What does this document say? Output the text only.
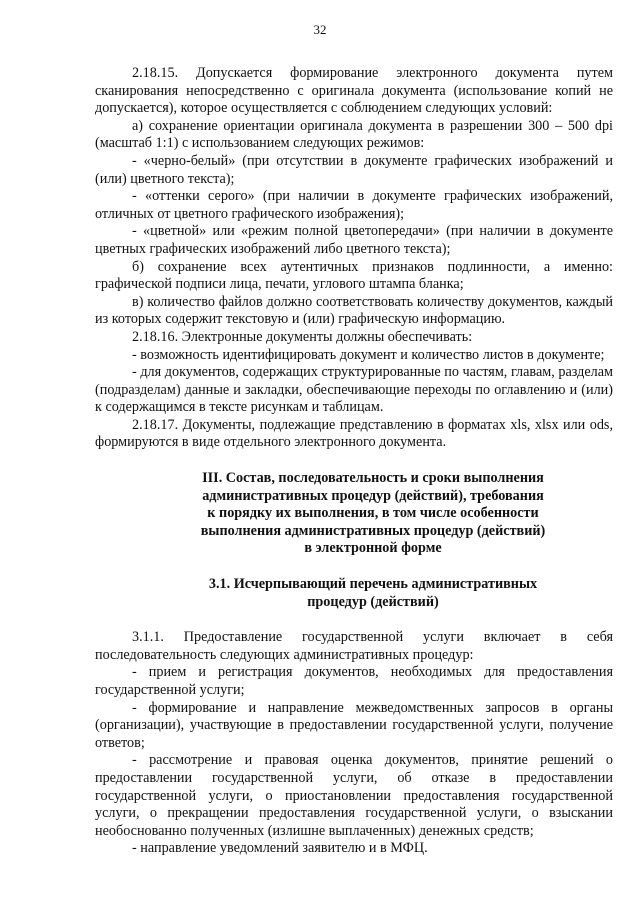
32

2.18.15. Допускается формирование электронного документа путем сканирования непосредственно с оригинала документа (использование копий не допускается), которое осуществляется с соблюдением следующих условий:

а) сохранение ориентации оригинала документа в разрешении 300 – 500 dpi (масштаб 1:1) с использованием следующих режимов:

- «черно-белый» (при отсутствии в документе графических изображений и (или) цветного текста);

- «оттенки серого» (при наличии в документе графических изображений, отличных от цветного графического изображения);

- «цветной» или «режим полной цветопередачи» (при наличии в документе цветных графических изображений либо цветного текста);

б) сохранение всех аутентичных признаков подлинности, а именно: графической подписи лица, печати, углового штампа бланка;

в) количество файлов должно соответствовать количеству документов, каждый из которых содержит текстовую и (или) графическую информацию.

2.18.16. Электронные документы должны обеспечивать:

- возможность идентифицировать документ и количество листов в документе;

- для документов, содержащих структурированные по частям, главам, разделам (подразделам) данные и закладки, обеспечивающие переходы по оглавлению и (или) к содержащимся в тексте рисункам и таблицам.

2.18.17. Документы, подлежащие представлению в форматах xls, xlsx или ods, формируются в виде отдельного электронного документа.

III. Состав, последовательность и сроки выполнения

административных процедур (действий), требования

к порядку их выполнения, в том числе особенности

выполнения административных процедур (действий)

в электронной форме

3.1. Исчерпывающий перечень административных

процедур (действий)

3.1.1. Предоставление государственной услуги включает в себя последовательность следующих административных процедур:

- прием и регистрация документов, необходимых для предоставления государственной услуги;

- формирование и направление межведомственных запросов в органы (организации), участвующие в предоставлении государственной услуги, получение ответов;

- рассмотрение и правовая оценка документов, принятие решений о предоставлении государственной услуги, об отказе в предоставлении государственной услуги, о приостановлении предоставления государственной услуги, о прекращении предоставления государственной услуги, о взыскании необоснованно полученных (излишне выплаченных) денежных средств;

- направление уведомлений заявителю и в МФЦ.
